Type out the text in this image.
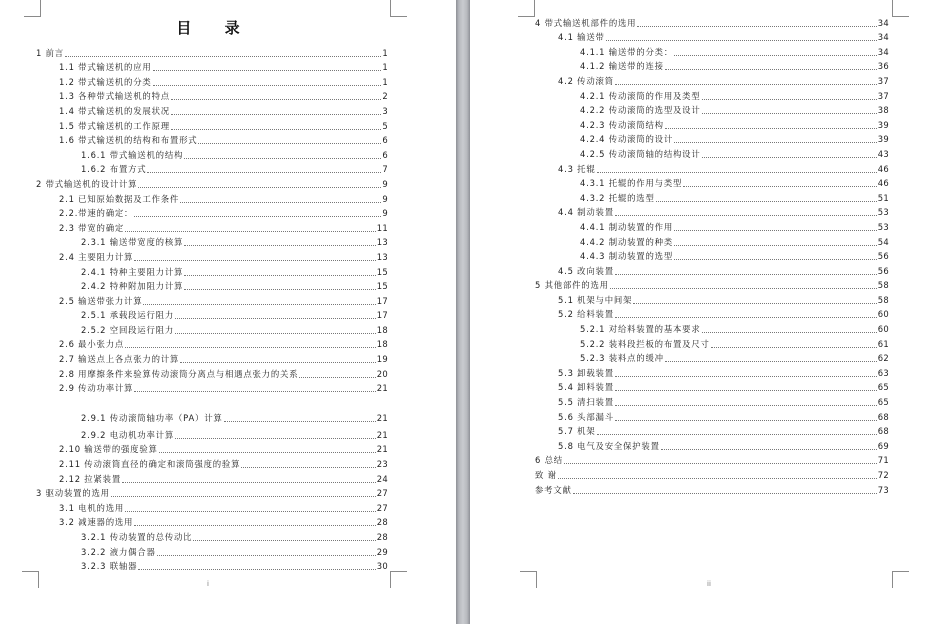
目 录
1 前言	1
1.1 带式输送机的应用	1
1.2 带式输送机的分类	1
1.3 各种带式输送机的特点	2
1.4 带式输送机的发展状况	3
1.5 带式输送机的工作原理	5
1.6 带式输送机的结构和布置形式	6
1.6.1 带式输送机的结构	6
1.6.2 布置方式	7
2 带式输送机的设计计算	9
2.1 已知原始数据及工作条件	9
2.2.带速的确定：	9
2.3 带宽的确定	11
2.3.1 输送带宽度的核算	13
2.4 主要阻力计算	13
2.4.1 特种主要阻力计算	15
2.4.2 特种附加阻力计算	15
2.5 输送带张力计算	17
2.5.1 承载段运行阻力	17
2.5.2 空回段运行阻力	18
2.6 最小张力点	18
2.7 输送点上各点张力的计算	19
2.8 用摩擦条件来验算传动滚筒分离点与相遇点张力的关系	20
2.9 传动功率计算	21
2.9.1 传动滚筒轴功率（PA）计算	21
2.9.2 电动机功率计算	21
2.10 输送带的强度验算	21
2.11 传动滚筒直径的确定和滚筒强度的验算	23
2.12 拉紧装置	24
3 驱动装置的选用	27
3.1 电机的选用	27
3.2 减速器的选用	28
3.2.1 传动装置的总传动比	28
3.2.2 液力偶合器	29
3.2.3 联轴器	30
i
4 带式输送机部件的选用	34
4.1 输送带	34
4.1.1 输送带的分类：	34
4.1.2 输送带的连接	36
4.2 传动滚筒	37
4.2.1 传动滚筒的作用及类型	37
4.2.2 传动滚筒的选型及设计	38
4.2.3 传动滚筒结构	39
4.2.4 传动滚筒的设计	39
4.2.5 传动滚筒轴的结构设计	43
4.3 托辊	46
4.3.1 托辊的作用与类型	46
4.3.2 托辊的选型	51
4.4 制动装置	53
4.4.1 制动装置的作用	53
4.4.2 制动装置的种类	54
4.4.3 制动装置的选型	56
4.5 改向装置	56
5 其他部件的选用	58
5.1 机架与中间架	58
5.2 给料装置	60
5.2.1 对给料装置的基本要求	60
5.2.2 装料段拦板的布置及尺寸	61
5.2.3 装料点的缓冲	62
5.3 卸载装置	63
5.4 卸料装置	65
5.5 清扫装置	65
5.6 头部漏斗	68
5.7 机架	68
5.8 电气及安全保护装置	69
6 总结	71
致 谢	72
参考文献	73
ii
